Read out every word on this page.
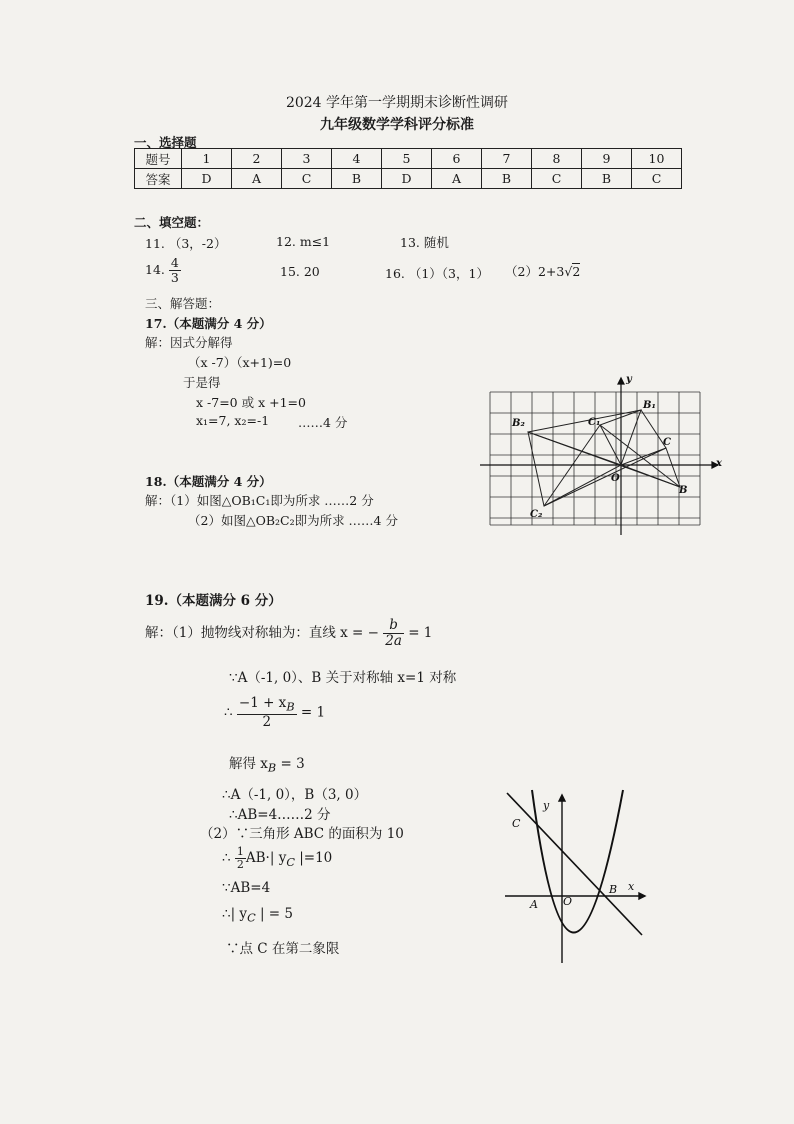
2024 学年第一学期期末诊断性调研
九年级数学学科评分标准
一、选择题
题号	1	2	3	4	5	6	7	8	9	10
答案	D	A	C	B	D	A	B	C	B	C
二、填空题：
11. （3，-2）	12. m≤1	13. 随机
14. $\frac{4}{3}$	15. 20	16. （1）（3，1） （2）2+3√2
三、解答题：
17.（本题满分 4 分）
解：因式分解得
（x -7）（x+1)=0
于是得
x -7=0 或 x +1=0
x₁=7, x₂=-1 ……4 分
18.（本题满分 4 分）
解：（1）如图△OB₁C₁即为所求 ……2 分
（2）如图△OB₂C₂即为所求 ……4 分
y
x
O
B₁
C₁
B₂
C₂
C
B
19.（本题满分 6 分）
解：（1）抛物线对称轴为：直线 x = − $\frac{b}{2a} = 1$
∵A（-1, 0）、B 关于对称轴 x=1 对称
∴ $\frac{-1 + x_B}{2} = 1$
解得 $x_B = 3$
∴A（-1, 0），B（3, 0）
∴AB=4……2 分
（2）∵三角形 ABC 的面积为 10
∴ $\frac{1}{2} AB\cdot|$ $y_C$ |=10
∵AB=4
∴| $y_C$ | = 5
∵点 C 在第二象限
y
x
O
A
B
C
